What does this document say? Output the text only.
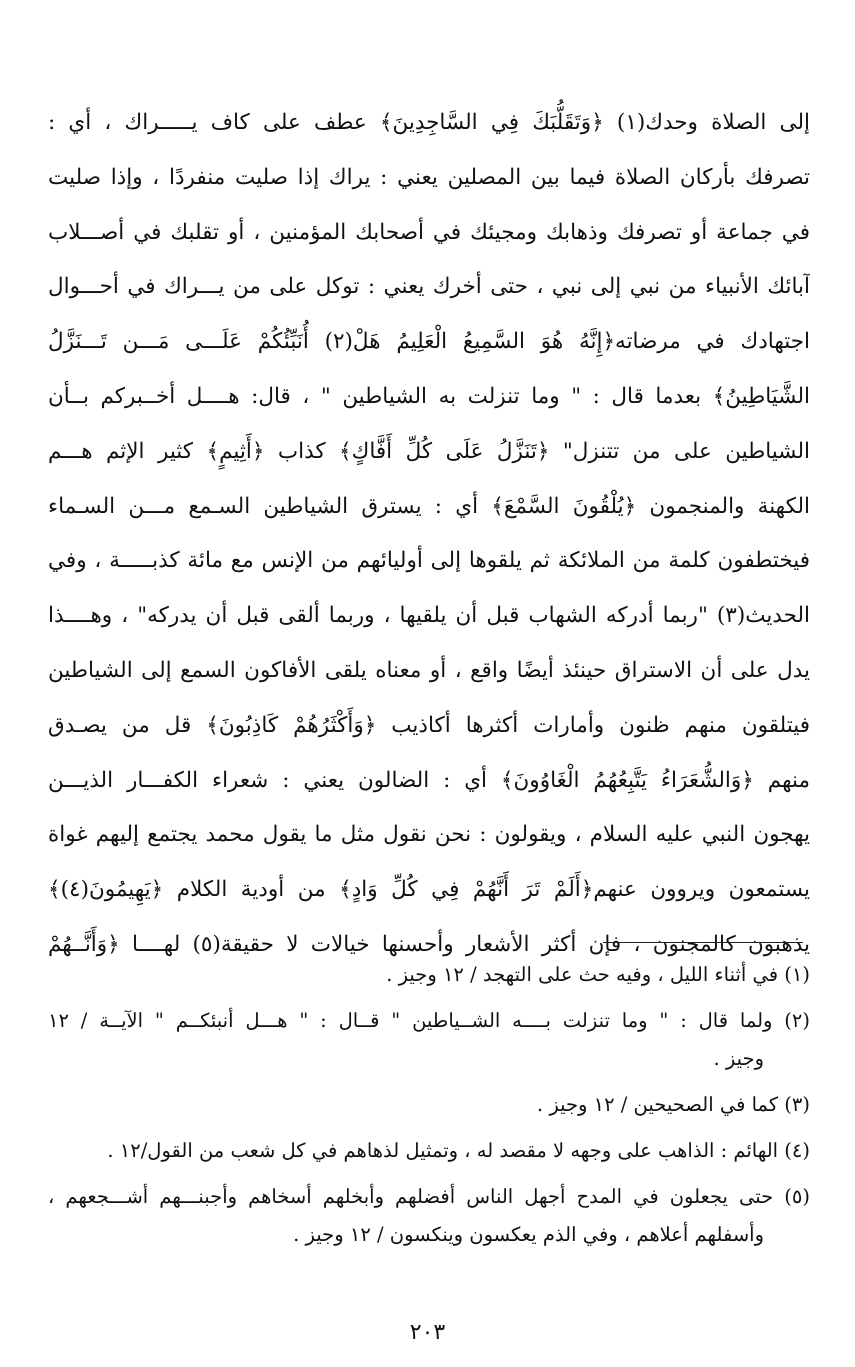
إلى الصلاة وحدك(١) ﴿وَتَقَلُّبَكَ فِي السَّاجِدِينَ﴾ عطف على كاف يـــــراك ، أي :
تصرفك بأركان الصلاة فيما بين المصلين يعني : يراك إذا صليت منفردًا ، وإذا صليت
في جماعة أو تصرفك وذهابك ومجيئك في أصحابك المؤمنين ، أو تقلبك في أصـــلاب
آبائك الأنبياء من نبي إلى نبي ، حتى أخرك يعني : توكل على من يـــراك في أحـــوال
اجتهادك في مرضاته﴿إِنَّهُ هُوَ السَّمِيعُ الْعَلِيمُ هَلْ(٢) أُنَبِّئُكُمْ عَلَـــى مَـــن تَـــنَزَّلُ
الشَّيَاطِينُ﴾ بعدما قال : " وما تنزلت به الشياطين " ، قال: هــــل أخــبركم بــأن
الشياطين على من تتنزل" ﴿تَنَزَّلُ عَلَى كُلِّ أَفَّاكٍ﴾ كذاب ﴿أَثِيمٍ﴾ كثير الإثم هـــم
الكهنة والمنجمون ﴿يُلْقُونَ السَّمْعَ﴾ أي : يسترق الشياطين السـمع مـــن السـماء
فيختطفون كلمة من الملائكة ثم يلقوها إلى أوليائهم من الإنس مع مائة كذبـــــة ، وفي
الحديث(٣) "ربما أدركه الشهاب قبل أن يلقيها ، وربما ألقى قبل أن يدركه" ، وهــــذا
يدل على أن الاستراق حينئذ أيضًا واقع ، أو معناه يلقى الأفاكون السمع إلى الشياطين
فيتلقون منهم ظنون وأمارات أكثرها أكاذيب ﴿وَأَكْثَرُهُمْ كَاذِبُونَ﴾ قل من يصـدق
منهم ﴿وَالشُّعَرَاءُ يَتَّبِعُهُمُ الْغَاوُونَ﴾ أي : الضالون يعني : شعراء الكفـــار الذيـــن
يهجون النبي عليه السلام ، ويقولون : نحن نقول مثل ما يقول محمد يجتمع إليهم غواة
يستمعون ويروون عنهم﴿أَلَمْ تَرَ أَنَّهُمْ فِي كُلِّ وَادٍ﴾ من أودية الكلام ﴿يَهِيمُونَ(٤)﴾
يذهبون كالمجنون ، فإن أكثر الأشعار وأحسنها خيالات لا حقيقة(٥) لهــــا ﴿وَأَنَّــهُمْ
(١) في أثناء الليل ، وفيه حث على التهجد / ١٢ وجيز .
(٢) ولما قال : " وما تنزلت بــــه الشــياطين " قــال : " هـــل أنبئكــم " الآيــة / ١٢
وجيز .
(٣) كما في الصحيحين / ١٢ وجيز .
(٤) الهائم : الذاهب على وجهه لا مقصد له ، وتمثيل لذهاهم في كل شعب من القول/١٢ .
(٥) حتى يجعلون في المدح أجهل الناس أفضلهم وأبخلهم أسخاهم وأجبنـــهم أشـــجعهم ،
وأسفلهم أعلاهم ، وفي الذم يعكسون وينكسون / ١٢ وجيز .
٢٠٣
